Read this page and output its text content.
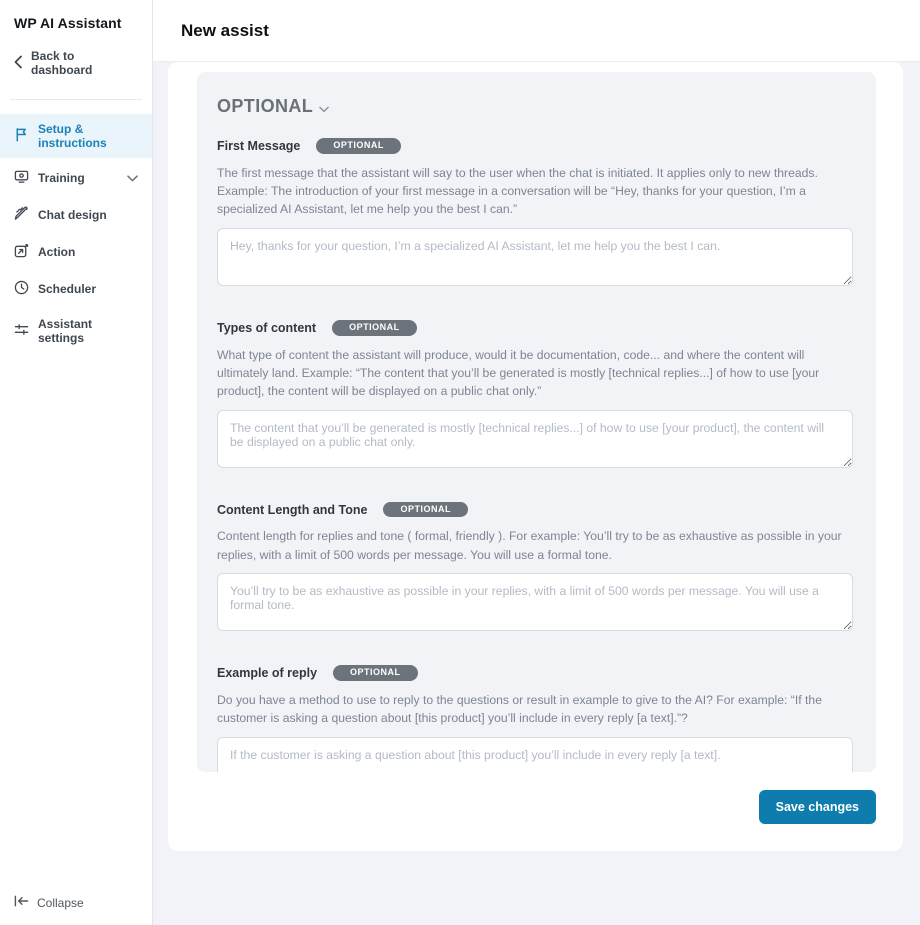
WP AI Assistant
Back to dashboard
Setup & instructions
Training
Chat design
Action
Scheduler
Assistant settings
Collapse
New assist
OPTIONAL
First Message	OPTIONAL
The first message that the assistant will say to the user when the chat is initiated. It applies only to new threads. Example: The introduction of your first message in a conversation will be “Hey, thanks for your question, I’m a specialized AI Assistant, let me help you the best I can.”
Hey, thanks for your question, I’m a specialized AI Assistant, let me help you the best I can.
Types of content	OPTIONAL
What type of content the assistant will produce, would it be documentation, code... and where the content will ultimately land. Example: “The content that you’ll be generated is mostly [technical replies...] of how to use [your product], the content will be displayed on a public chat only.”
The content that you’ll be generated is mostly [technical replies...] of how to use [your product], the content will be displayed on a public chat only.
Content Length and Tone	OPTIONAL
Content length for replies and tone ( formal, friendly ). For example: You’ll try to be as exhaustive as possible in your replies, with a limit of 500 words per message. You will use a formal tone.
You’ll try to be as exhaustive as possible in your replies, with a limit of 500 words per message. You will use a formal tone.
Example of reply	OPTIONAL
Do you have a method to use to reply to the questions or result in example to give to the AI? For example: “If the customer is asking a question about [this product] you’ll include in every reply [a text].”?
If the customer is asking a question about [this product] you’ll include in every reply [a text].
Save changes
